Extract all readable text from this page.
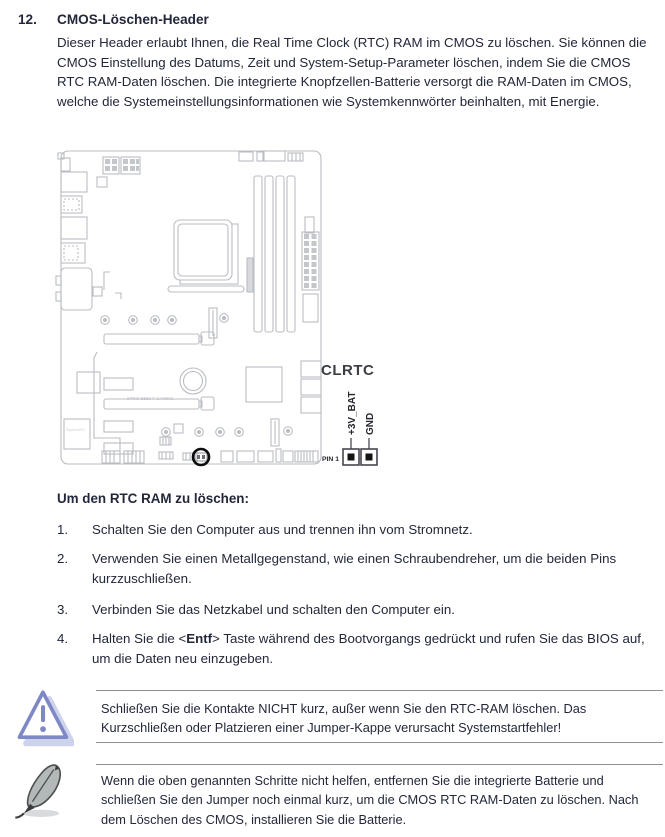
12. CMOS-Löschen-Header
Dieser Header erlaubt Ihnen, die Real Time Clock (RTC) RAM im CMOS zu löschen. Sie können die CMOS Einstellung des Datums, Zeit und System-Setup-Parameter löschen, indem Sie die CMOS RTC RAM-Daten löschen. Die integrierte Knopfzellen-Batterie versorgt die RAM-Daten im CMOS, welche die Systemeinstellungsinformationen wie Systemkennwörter beinhalten, mit Energie.
STRIX B550-F GAMING
SupremeFX
CLRTC
+3V_BAT GND
PIN 1
Um den RTC RAM zu löschen:
1.	Schalten Sie den Computer aus und trennen ihn vom Stromnetz.
2.	Verwenden Sie einen Metallgegenstand, wie einen Schraubendreher, um die beiden Pins kurzzuschließen.
3.	Verbinden Sie das Netzkabel und schalten den Computer ein.
4.	Halten Sie die <Entf> Taste während des Bootvorgangs gedrückt und rufen Sie das BIOS auf, um die Daten neu einzugeben.
Schließen Sie die Kontakte NICHT kurz, außer wenn Sie den RTC-RAM löschen. Das Kurzschließen oder Platzieren einer Jumper-Kappe verursacht Systemstartfehler!
Wenn die oben genannten Schritte nicht helfen, entfernen Sie die integrierte Batterie und schließen Sie den Jumper noch einmal kurz, um die CMOS RTC RAM-Daten zu löschen. Nach dem Löschen des CMOS, installieren Sie die Batterie.
